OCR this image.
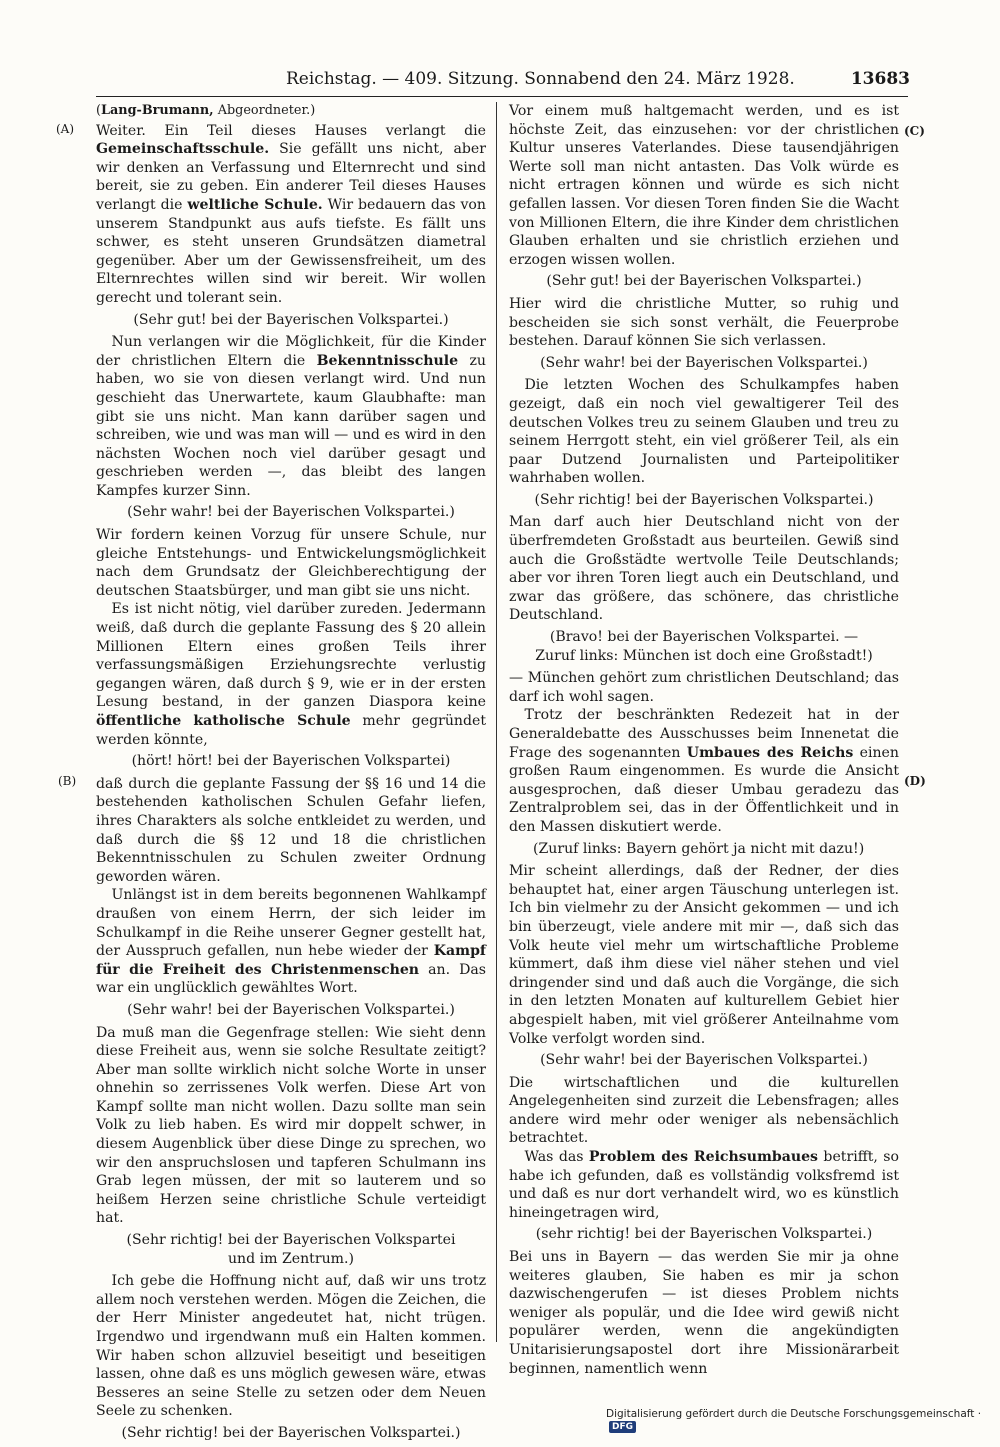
Reichstag. — 409. Sitzung. Sonnabend den 24. März 1928.	13683
(A)
(B)
(C)
(D)

(Lang-Brumann, Abgeordneter.)

Weiter. Ein Teil dieses Hauses verlangt die Gemeinschaftsschule. Sie gefällt uns nicht, aber wir denken an Verfassung und Elternrecht und sind bereit, sie zu geben. Ein anderer Teil dieses Hauses verlangt die weltliche Schule. Wir bedauern das von unserem Standpunkt aus aufs tiefste. Es fällt uns schwer, es steht unseren Grundsätzen diametral gegenüber. Aber um der Gewissensfreiheit, um des Elternrechtes willen sind wir bereit. Wir wollen gerecht und tolerant sein.

(Sehr gut! bei der Bayerischen Volkspartei.)

Nun verlangen wir die Möglichkeit, für die Kinder der christlichen Eltern die Bekenntnisschule zu haben, wo sie von diesen verlangt wird. Und nun geschieht das Unerwartete, kaum Glaubhafte: man gibt sie uns nicht. Man kann darüber sagen und schreiben, wie und was man will — und es wird in den nächsten Wochen noch viel darüber gesagt und geschrieben werden —, das bleibt des langen Kampfes kurzer Sinn.

(Sehr wahr! bei der Bayerischen Volkspartei.)

Wir fordern keinen Vorzug für unsere Schule, nur gleiche Entstehungs- und Entwickelungsmöglichkeit nach dem Grundsatz der Gleichberechtigung der deutschen Staatsbürger, und man gibt sie uns nicht.

Es ist nicht nötig, viel darüber zureden. Jedermann weiß, daß durch die geplante Fassung des § 20 allein Millionen Eltern eines großen Teils ihrer verfassungsmäßigen Erziehungsrechte verlustig gegangen wären, daß durch § 9, wie er in der ersten Lesung bestand, in der ganzen Diaspora keine öffentliche katholische Schule mehr gegründet werden könnte,

(hört! hört! bei der Bayerischen Volkspartei)

daß durch die geplante Fassung der §§ 16 und 14 die bestehenden katholischen Schulen Gefahr liefen, ihres Charakters als solche entkleidet zu werden, und daß durch die §§ 12 und 18 die christlichen Bekenntnisschulen zu Schulen zweiter Ordnung geworden wären.

Unlängst ist in dem bereits begonnenen Wahlkampf draußen von einem Herrn, der sich leider im Schulkampf in die Reihe unserer Gegner gestellt hat, der Ausspruch gefallen, nun hebe wieder der Kampf für die Freiheit des Christenmenschen an. Das war ein unglücklich gewähltes Wort.

(Sehr wahr! bei der Bayerischen Volkspartei.)

Da muß man die Gegenfrage stellen: Wie sieht denn diese Freiheit aus, wenn sie solche Resultate zeitigt? Aber man sollte wirklich nicht solche Worte in unser ohnehin so zerrissenes Volk werfen. Diese Art von Kampf sollte man nicht wollen. Dazu sollte man sein Volk zu lieb haben. Es wird mir doppelt schwer, in diesem Augenblick über diese Dinge zu sprechen, wo wir den anspruchslosen und tapferen Schulmann ins Grab legen müssen, der mit so lauterem und so heißem Herzen seine christliche Schule verteidigt hat.

(Sehr richtig! bei der Bayerischen Volkspartei
und im Zentrum.)

Ich gebe die Hoffnung nicht auf, daß wir uns trotz allem noch verstehen werden. Mögen die Zeichen, die der Herr Minister angedeutet hat, nicht trügen. Irgendwo und irgendwann muß ein Halten kommen. Wir haben schon allzuviel beseitigt und beseitigen lassen, ohne daß es uns möglich gewesen wäre, etwas Besseres an seine Stelle zu setzen oder dem Neuen Seele zu schenken.

(Sehr richtig! bei der Bayerischen Volkspartei.)

Vor einem muß haltgemacht werden, und es ist höchste Zeit, das einzusehen: vor der christlichen Kultur unseres Vaterlandes. Diese tausendjährigen Werte soll man nicht antasten. Das Volk würde es nicht ertragen können und würde es sich nicht gefallen lassen. Vor diesen Toren finden Sie die Wacht von Millionen Eltern, die ihre Kinder dem christlichen Glauben erhalten und sie christlich erziehen und erzogen wissen wollen.

(Sehr gut! bei der Bayerischen Volkspartei.)

Hier wird die christliche Mutter, so ruhig und bescheiden sie sich sonst verhält, die Feuerprobe bestehen. Darauf können Sie sich verlassen.

(Sehr wahr! bei der Bayerischen Volkspartei.)

Die letzten Wochen des Schulkampfes haben gezeigt, daß ein noch viel gewaltigerer Teil des deutschen Volkes treu zu seinem Glauben und treu zu seinem Herrgott steht, ein viel größerer Teil, als ein paar Dutzend Journalisten und Parteipolitiker wahrhaben wollen.

(Sehr richtig! bei der Bayerischen Volkspartei.)

Man darf auch hier Deutschland nicht von der überfremdeten Großstadt aus beurteilen. Gewiß sind auch die Großstädte wertvolle Teile Deutschlands; aber vor ihren Toren liegt auch ein Deutschland, und zwar das größere, das schönere, das christliche Deutschland.

(Bravo! bei der Bayerischen Volkspartei. —
Zuruf links: München ist doch eine Großstadt!)

— München gehört zum christlichen Deutschland; das darf ich wohl sagen.

Trotz der beschränkten Redezeit hat in der Generaldebatte des Ausschusses beim Innenetat die Frage des sogenannten Umbaues des Reichs einen großen Raum eingenommen. Es wurde die Ansicht ausgesprochen, daß dieser Umbau geradezu das Zentralproblem sei, das in der Öffentlichkeit und in den Massen diskutiert werde.

(Zuruf links: Bayern gehört ja nicht mit dazu!)

Mir scheint allerdings, daß der Redner, der dies behauptet hat, einer argen Täuschung unterlegen ist. Ich bin vielmehr zu der Ansicht gekommen — und ich bin überzeugt, viele andere mit mir —, daß sich das Volk heute viel mehr um wirtschaftliche Probleme kümmert, daß ihm diese viel näher stehen und viel dringender sind und daß auch die Vorgänge, die sich in den letzten Monaten auf kulturellem Gebiet hier abgespielt haben, mit viel größerer Anteilnahme vom Volke verfolgt worden sind.

(Sehr wahr! bei der Bayerischen Volkspartei.)

Die wirtschaftlichen und die kulturellen Angelegenheiten sind zurzeit die Lebensfragen; alles andere wird mehr oder weniger als nebensächlich betrachtet.

Was das Problem des Reichsumbaues betrifft, so habe ich gefunden, daß es vollständig volksfremd ist und daß es nur dort verhandelt wird, wo es künstlich hineingetragen wird,

(sehr richtig! bei der Bayerischen Volkspartei.)

Bei uns in Bayern — das werden Sie mir ja ohne weiteres glauben, Sie haben es mir ja schon dazwischengerufen — ist dieses Problem nichts weniger als populär, und die Idee wird gewiß nicht populärer werden, wenn die angekündigten Unitarisierungsapostel dort ihre Missionärarbeit beginnen, namentlich wenn

Digitalisierung gefördert durch die Deutsche Forschungsgemeinschaft · DFG
